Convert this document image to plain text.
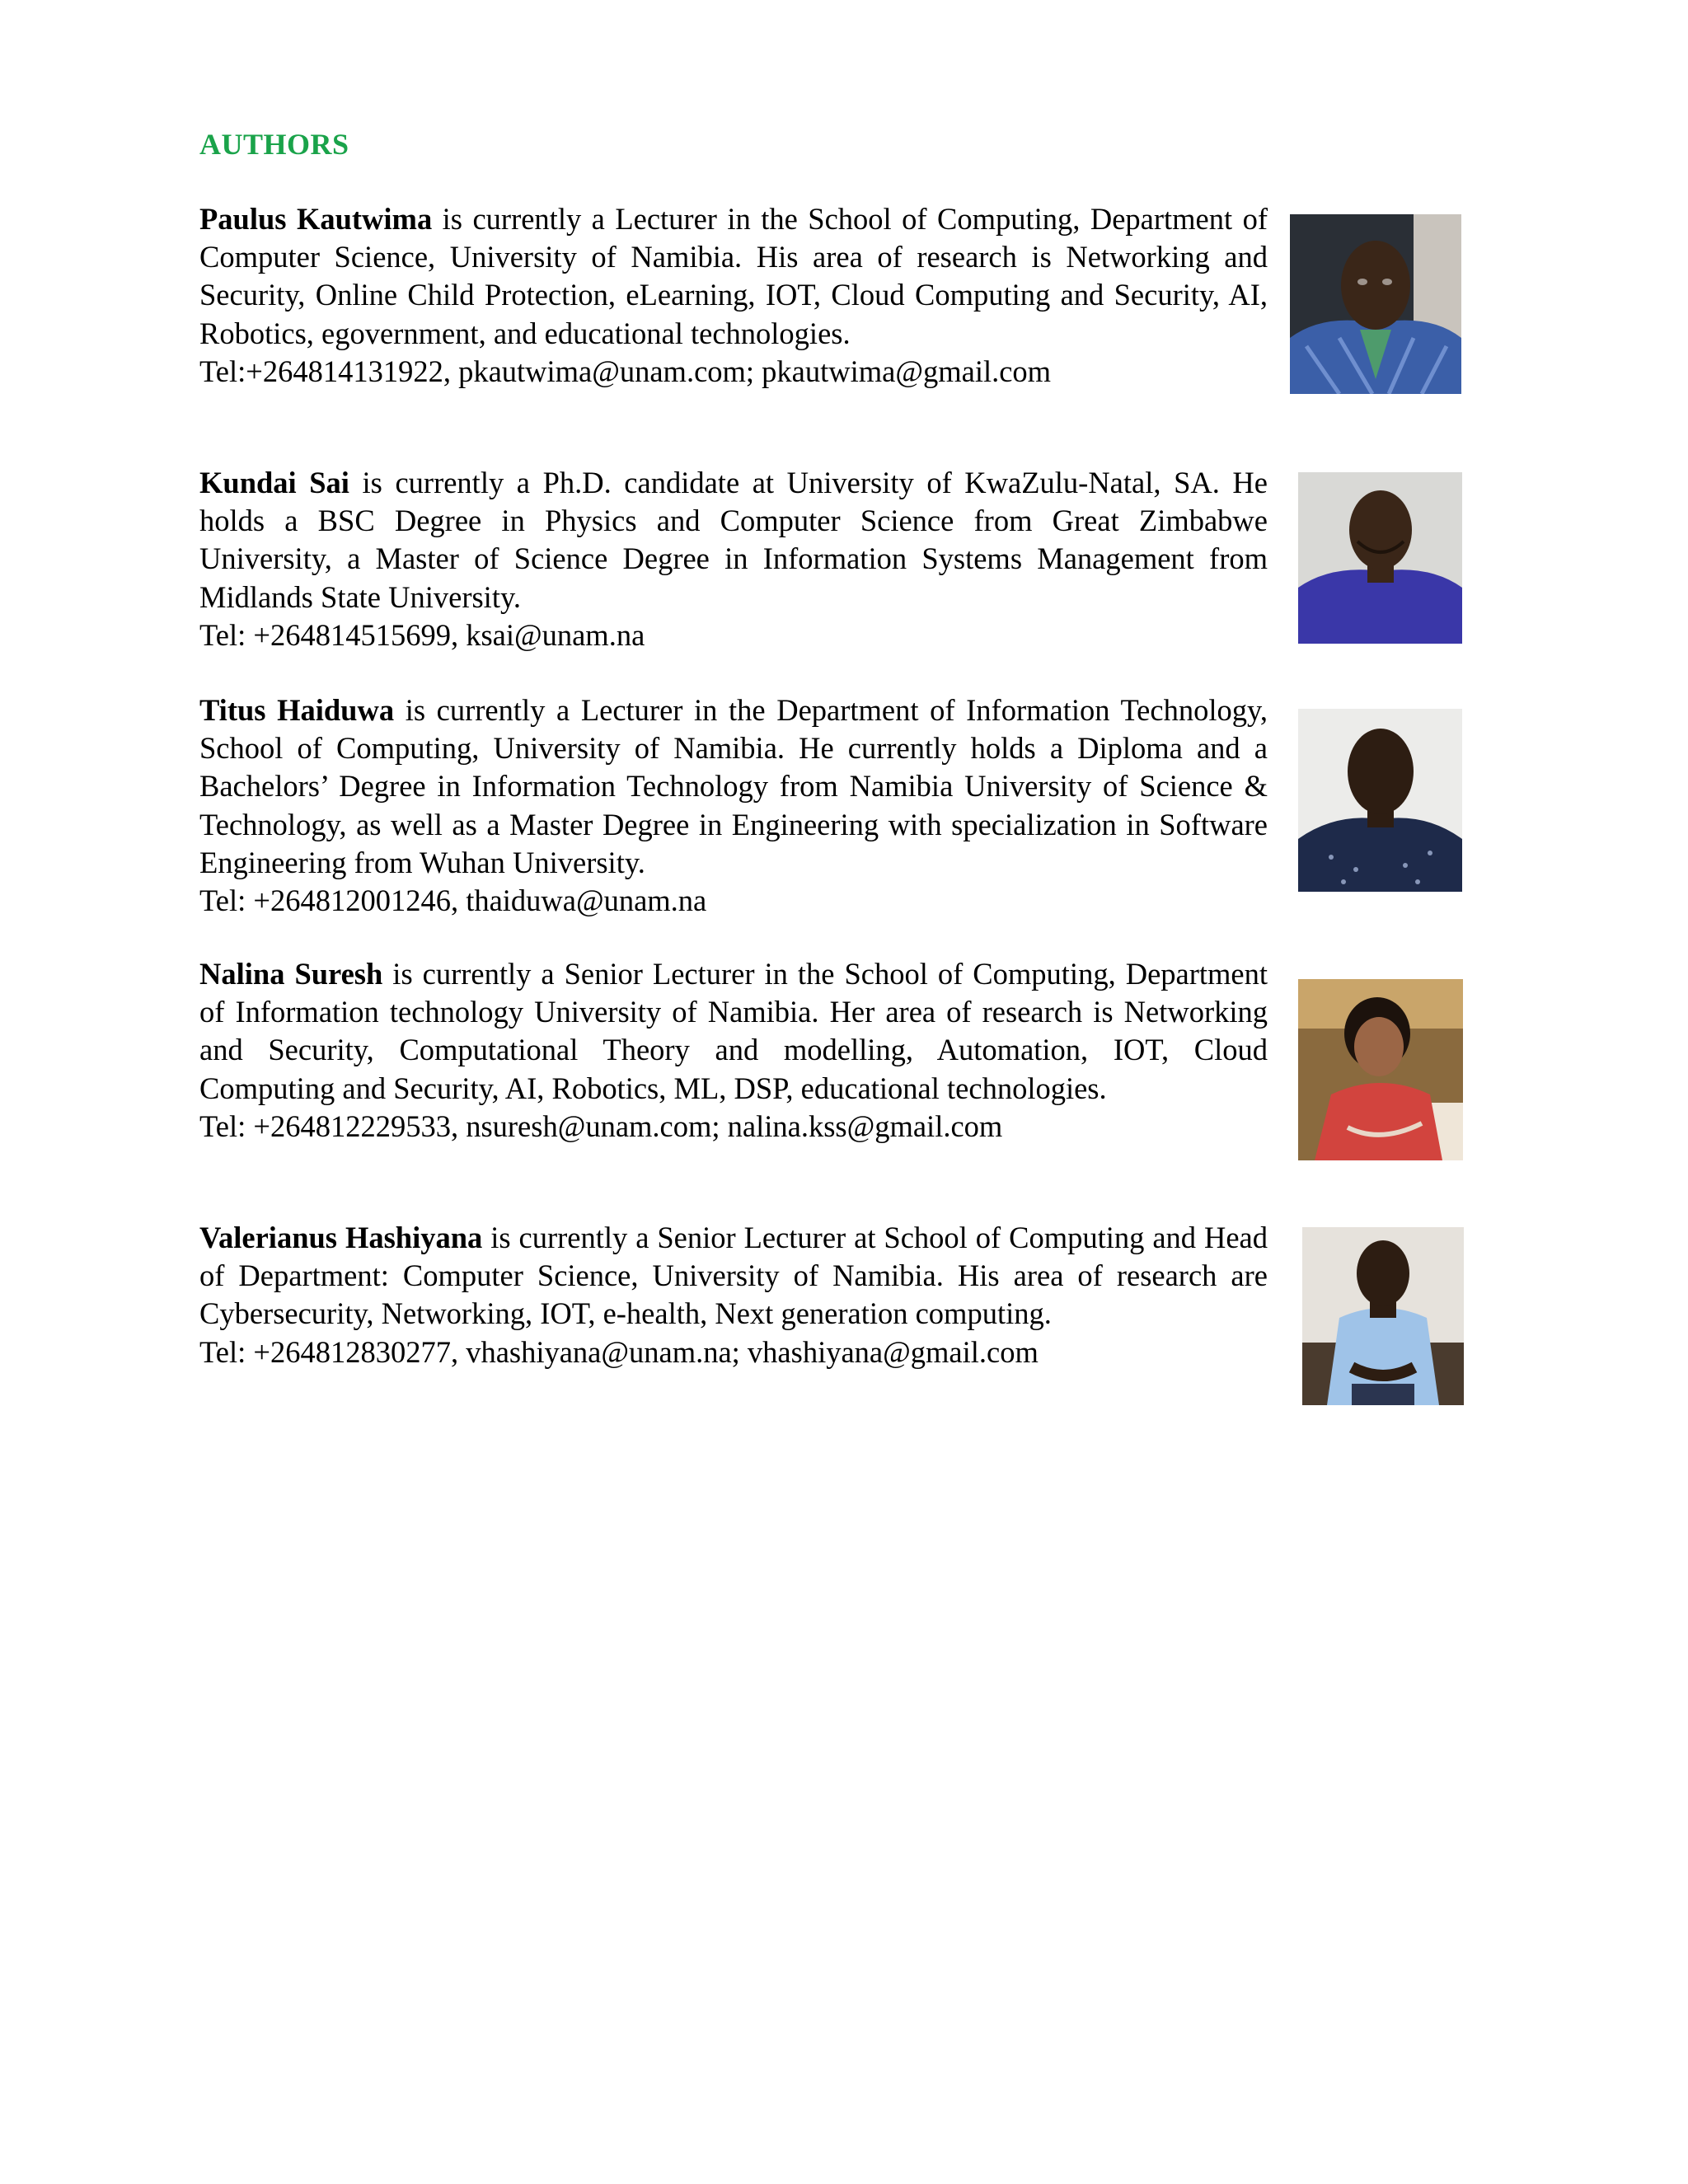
AUTHORS

Paulus Kautwima is currently a Lecturer in the School of Computing, Department of Computer Science, University of Namibia. His area of research is Networking and Security, Online Child Protection, eLearning, IOT, Cloud Computing and Security, AI, Robotics, egovernment, and educational technologies.

Tel:+264814131922, pkautwima@unam.com; pkautwima@gmail.com

Kundai Sai is currently a Ph.D. candidate at University of KwaZulu-Natal, SA. He holds a BSC Degree in Physics and Computer Science from Great Zimbabwe University, a Master of Science Degree in Information Systems Management from Midlands State University.

Tel: +264814515699, ksai@unam.na

Titus Haiduwa is currently a Lecturer in the Department of Information Technology, School of Computing, University of Namibia. He currently holds a Diploma and a Bachelors’ Degree in Information Technology from Namibia University of Science & Technology, as well as a Master Degree in Engineering with specialization in Software Engineering from Wuhan University.

Tel: +264812001246, thaiduwa@unam.na

Nalina Suresh is currently a Senior Lecturer in the School of Computing, Department of Information technology University of Namibia. Her area of research is Networking and Security, Computational Theory and modelling, Automation, IOT, Cloud Computing and Security, AI, Robotics, ML, DSP, educational technologies.

Tel: +264812229533, nsuresh@unam.com; nalina.kss@gmail.com

Valerianus Hashiyana is currently a Senior Lecturer at School of Computing and Head of Department: Computer Science, University of Namibia. His area of research are Cybersecurity, Networking, IOT, e-health, Next generation computing.

Tel: +264812830277, vhashiyana@unam.na; vhashiyana@gmail.com
